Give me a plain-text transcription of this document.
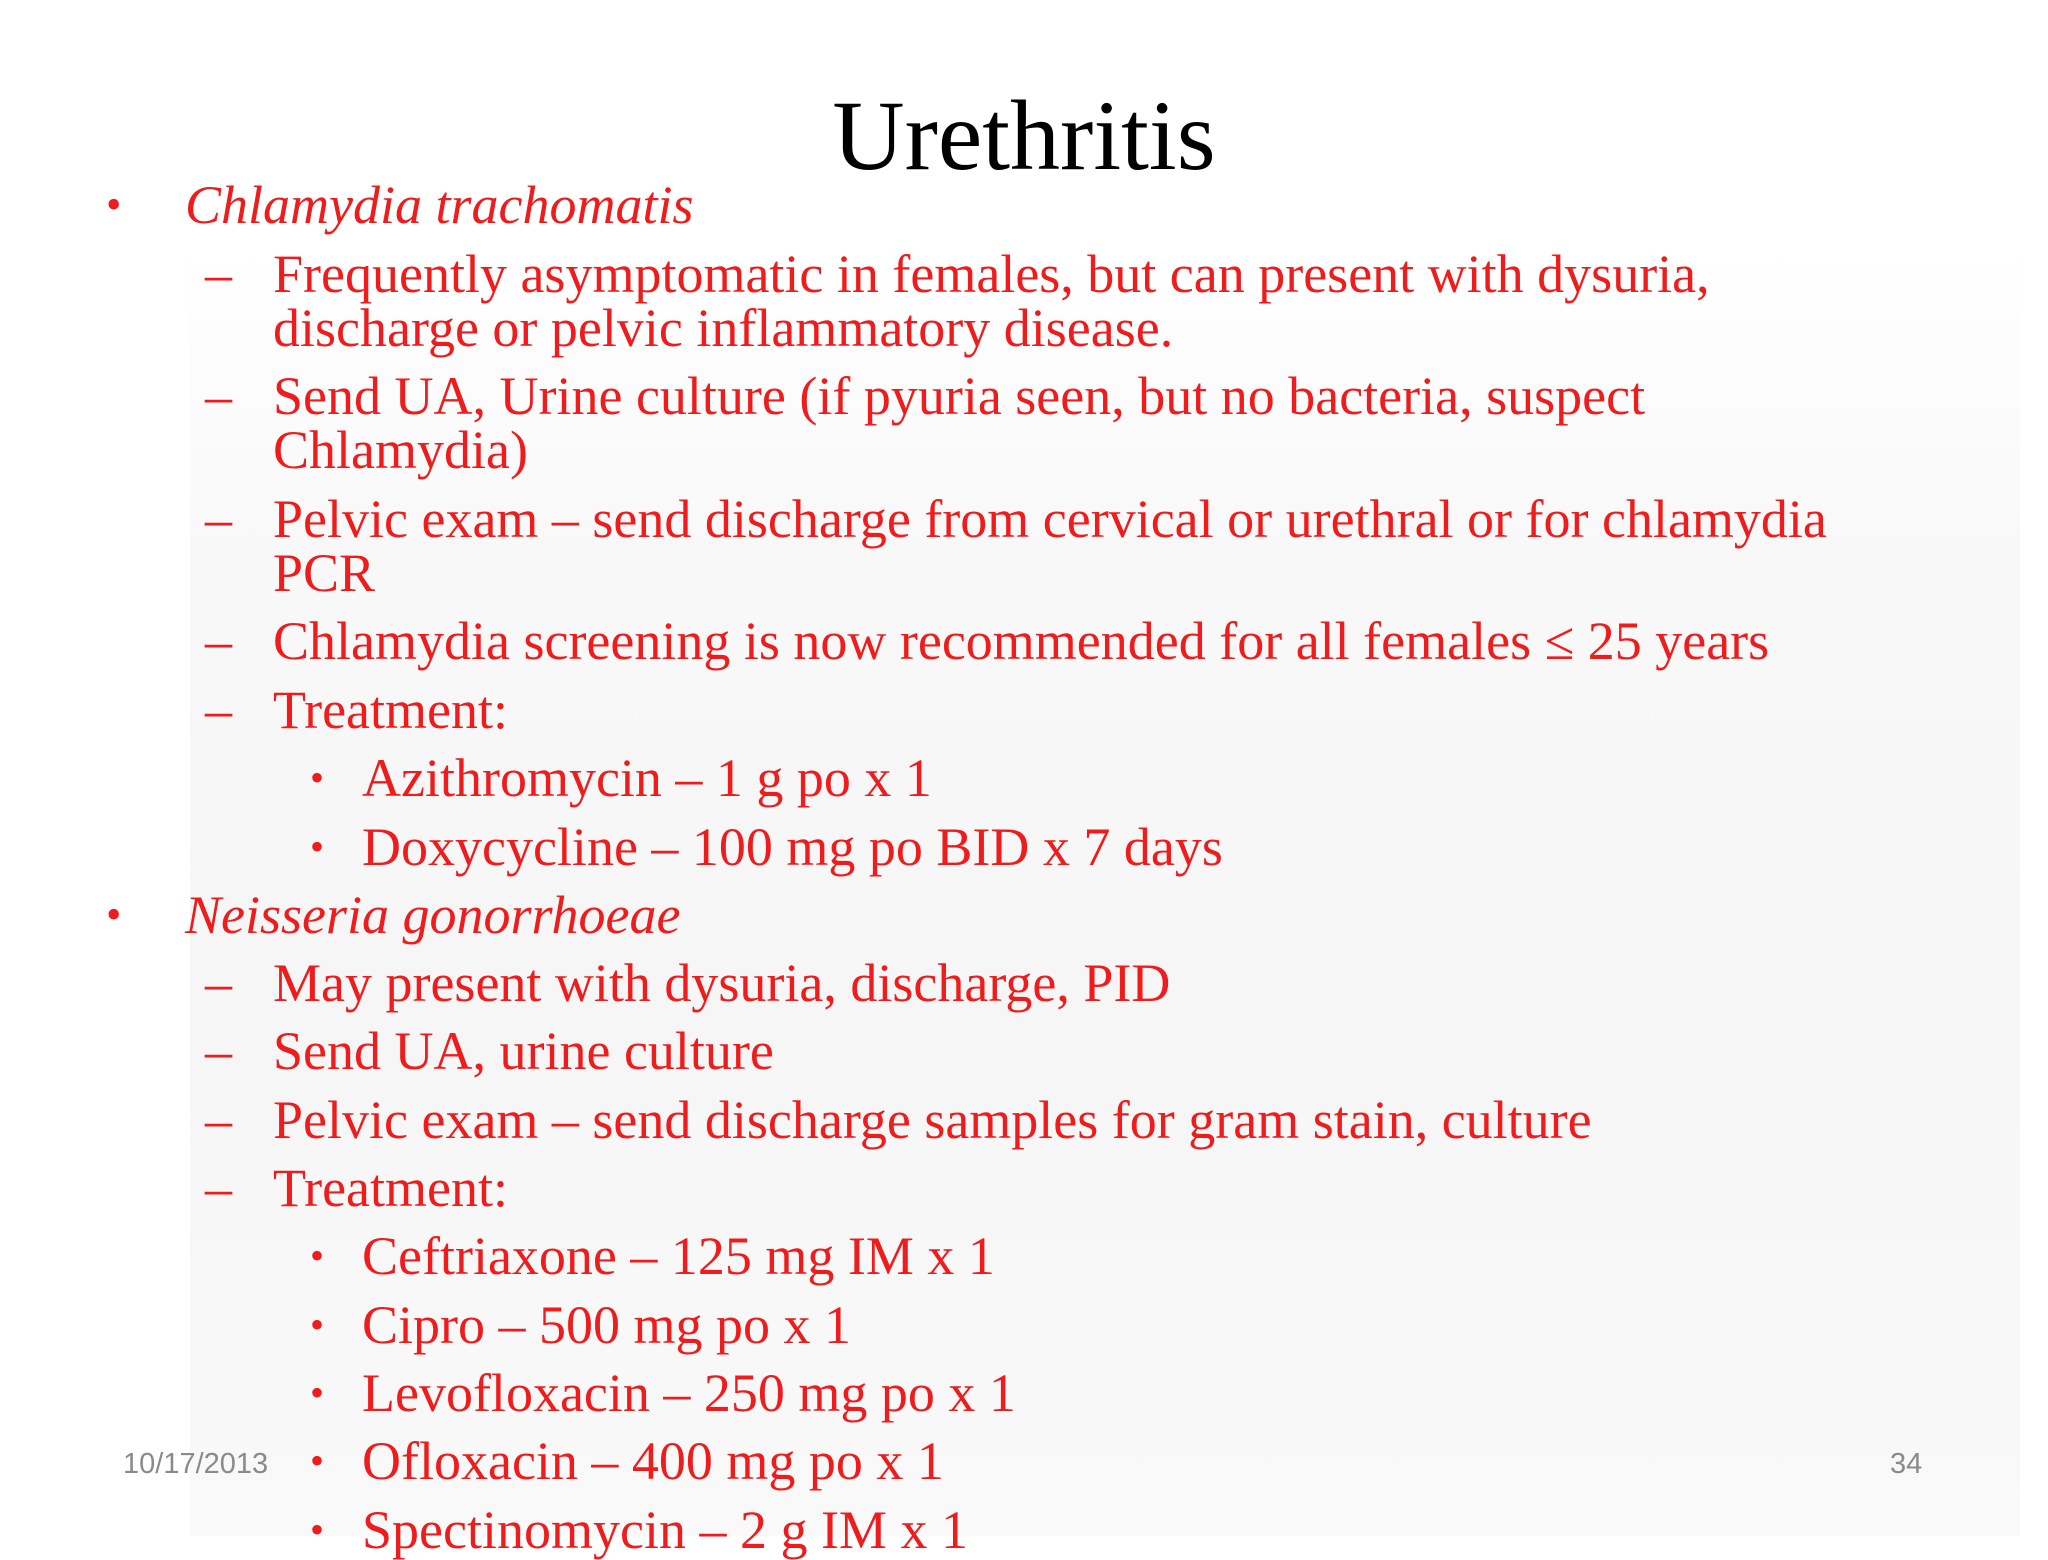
Urethritis
• Chlamydia trachomatis
– Frequently asymptomatic in females, but can present with dysuria,
discharge or pelvic inflammatory disease.
– Send UA, Urine culture (if pyuria seen, but no bacteria, suspect
Chlamydia)
– Pelvic exam – send discharge from cervical or urethral or for chlamydia
PCR
– Chlamydia screening is now recommended for all females ≤ 25 years
– Treatment:
• Azithromycin – 1 g po x 1
• Doxycycline – 100 mg po BID x 7 days
• Neisseria gonorrhoeae
– May present with dysuria, discharge, PID
– Send UA, urine culture
– Pelvic exam – send discharge samples for gram stain, culture
– Treatment:
• Ceftriaxone – 125 mg IM x 1
• Cipro – 500 mg po x 1
• Levofloxacin – 250 mg po x 1
• Ofloxacin – 400 mg po x 1
• Spectinomycin – 2 g IM x 1
10/17/2013	34
